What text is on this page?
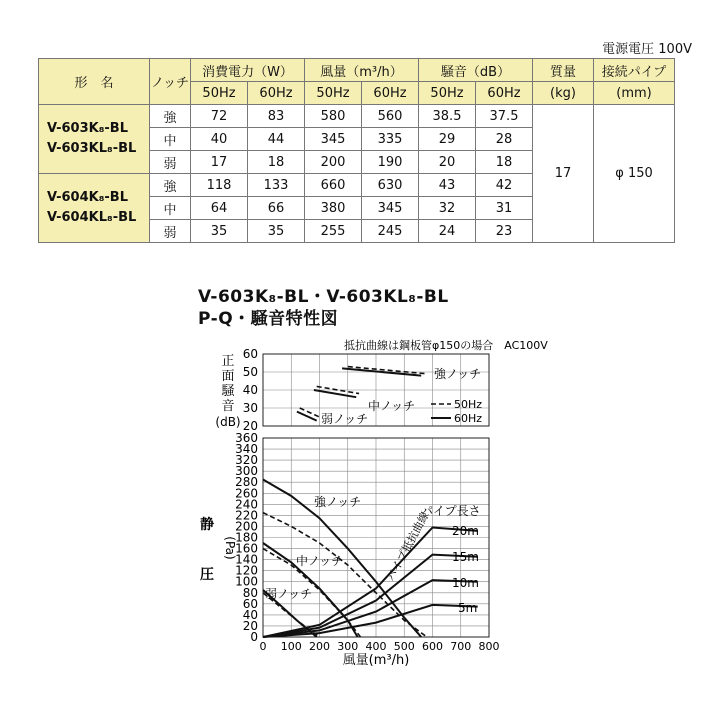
電源電圧 100V
形　名	ノッチ	消費電力（W）		風量（m³/h）		騒音（dB）		質量	接続パイプ
		50Hz	60Hz	50Hz	60Hz	50Hz	60Hz	(kg)	(mm)

V-603K₈-BL
V-603KL₈-BL	強	72	83	580	560	38.5	37.5	17	φ 150
	中	40	44	345	335	29	28		
	弱	17	18	200	190	20	18		

V-604K₈-BL
V-604KL₈-BL	強	118	133	660	630	43	42		
	中	64	66	380	345	32	31		
	弱	35	35	255	245	24	23		
V-603K₈-BL・V-603KL₈-BL
P-Q・騒音特性図
20
30
40
50
60
0
20
40
60
80
100
120
140
160
180
200
220
240
260
280
300
320
340
360
0 100 200 300 400 500 600 700 800
抵抗曲線は鋼板管φ150の場合　AC100V
正
面
騒
音
(dB)
静
圧
(Pa)
風量(m³/h)
強ノッチ
中ノッチ
弱ノッチ
50Hz
60Hz
強ノッチ
中ノッチ
弱ノッチ
パイプ長さ
パイプ抵抗曲線 20m
15m
10m
5m
